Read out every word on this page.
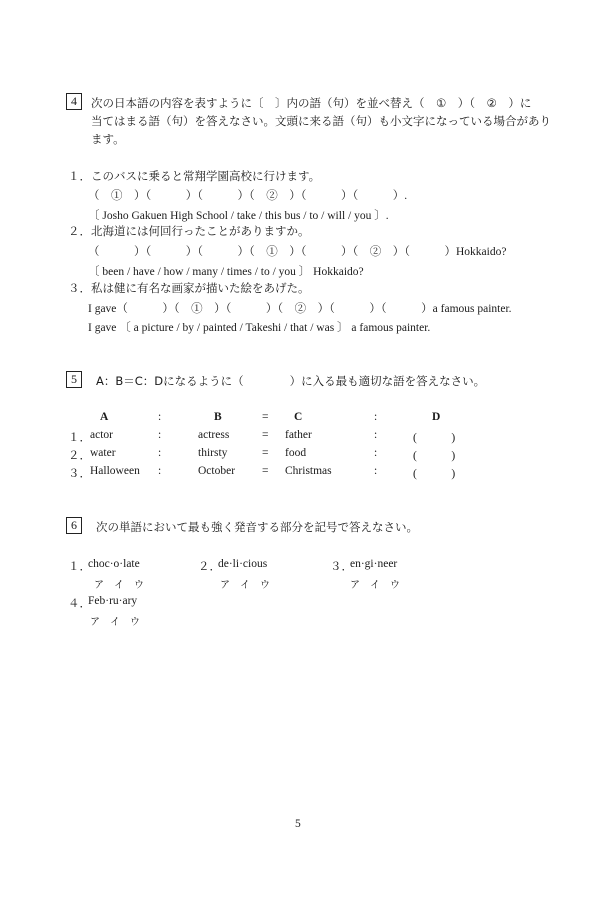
4	次の日本語の内容を表すように〔　〕内の語（句）を並べ替え（　①　）（　②　）に
当てはまる語（句）を答えなさい。文頭に来る語（句）も小文字になっている場合があり
ます。
１．このバスに乗ると常翔学園高校に行けます。
（　①　）（　　　）（　　　）（　②　）（　　　）（　　　）.
〔 Josho Gakuen High School / take / this bus / to / will / you 〕.
２．北海道には何回行ったことがありますか。
（　　　）（　　　）（　　　）（　①　）（　　　）（　②　）（　　　）Hokkaido?
〔 been / have / how / many / times / to / you 〕 Hokkaido?
３．私は健に有名な画家が描いた絵をあげた。
I gave（　　　）（　①　）（　　　）（　②　）（　　　）（　　　）a famous painter.
I gave 〔 a picture / by / painted / Takeshi / that / was 〕 a famous painter.
5	A：B＝C：Dになるように（　　　　）に入る最も適切な語を答えなさい。
A	:	B	= C	:	D
１． actor	:	actress	= father	:	(　　　)
２． water	:	thirsty	= food	:	(　　　)
３． Halloween :	October = Christmas	:	(　　　)
6	次の単語において最も強く発音する部分を記号で答えなさい。
１．
choc·o·late
ア　イ　ウ
２．
de·li·cious
ア　イ　ウ
３．
en·gi·neer
ア　イ　ウ
４．
Feb·ru·ary
ア　イ　ウ
5
